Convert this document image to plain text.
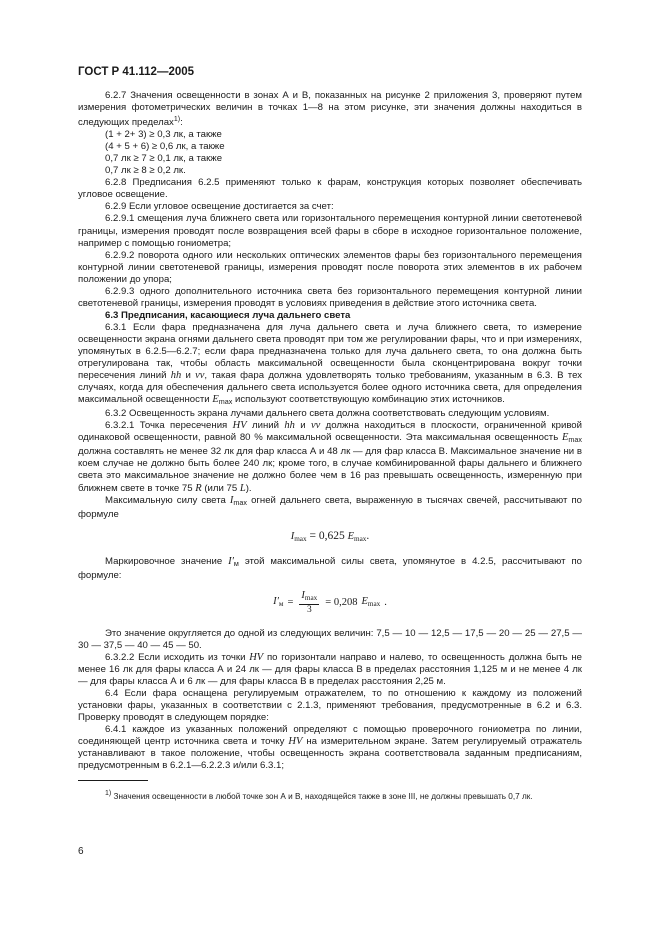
ГОСТ Р 41.112—2005

6.2.7 Значения освещенности в зонах А и В, показанных на рисунке 2 приложения 3, проверяют путем измерения фотометрических величин в точках 1—8 на этом рисунке, эти значения должны находиться в следующих пределах$^{1)}$:

(1 + 2+ 3) ≥ 0,3 лк, а также

(4 + 5 + 6) ≥ 0,6 лк, а также

0,7 лк ≥ 7 ≥ 0,1 лк, а также

0,7 лк ≥ 8 ≥ 0,2 лк.

6.2.8 Предписания 6.2.5 применяют только к фарам, конструкция которых позволяет обеспечивать угловое освещение.

6.2.9 Если угловое освещение достигается за счет:

6.2.9.1 смещения луча ближнего света или горизонтального перемещения контурной линии светотеневой границы, измерения проводят после возвращения всей фары в сборе в исходное горизонтальное положение, например с помощью гониометра;

6.2.9.2 поворота одного или нескольких оптических элементов фары без горизонтального перемещения контурной линии светотеневой границы, измерения проводят после поворота этих элементов в их рабочем положении до упора;

6.2.9.3 одного дополнительного источника света без горизонтального перемещения контурной линии светотеневой границы, измерения проводят в условиях приведения в действие этого источника света.

6.3 Предписания, касающиеся луча дальнего света

6.3.1 Если фара предназначена для луча дальнего света и луча ближнего света, то измерение освещенности экрана огнями дальнего света проводят при том же регулировании фары, что и при измерениях, упомянутых в 6.2.5—6.2.7; если фара предназначена только для луча дальнего света, то она должна быть отрегулирована так, чтобы область максимальной освещенности была сконцентрирована вокруг точки пересечения линий hh и vv, такая фара должна удовлетворять только требованиям, указанным в 6.3. В тех случаях, когда для обеспечения дальнего света используется более одного источника света, для определения максимальной освещенности $E_{max}$ используют соответствующую комбинацию этих источников.

6.3.2 Освещенность экрана лучами дальнего света должна соответствовать следующим условиям.

6.3.2.1 Точка пересечения HV линий hh и vv должна находиться в плоскости, ограниченной кривой одинаковой освещенности, равной 80 % максимальной освещенности. Эта максимальная освещенность $E_{max}$ должна составлять не менее 32 лк для фар класса А и 48 лк — для фар класса В. Максимальное значение ни в коем случае не должно быть более 240 лк; кроме того, в случае комбинированной фары дальнего и ближнего света это максимальное значение не должно более чем в 16 раз превышать освещенность, измеренную при ближнем свете в точке 75 R (или 75 L).

Максимальную силу света $I_{max}$ огней дальнего света, выраженную в тысячах свечей, рассчитывают по формуле

$I_{max} = 0,625$ $E_{max}$.

Маркировочное значение $I'_м$ этой максимальной силы света, упомянутое в 4.2.5, рассчитывают по формуле:

$I'_м = \frac{I_{max}}{3} = 0,208$ $E_{max}$ .

Это значение округляется до одной из следующих величин: 7,5 — 10 — 12,5 — 17,5 — 20 — 25 — 27,5 — 30 — 37,5 — 40 — 45 — 50.

6.3.2.2 Если исходить из точки HV по горизонтали направо и налево, то освещенность должна быть не менее 16 лк для фары класса А и 24 лк — для фары класса В в пределах расстояния 1,125 м и не менее 4 лк — для фары класса А и 6 лк — для фары класса В в пределах расстояния 2,25 м.

6.4 Если фара оснащена регулируемым отражателем, то по отношению к каждому из положений установки фары, указанных в соответствии с 2.1.3, применяют требования, предусмотренные в 6.2 и 6.3. Проверку проводят в следующем порядке:

6.4.1 каждое из указанных положений определяют с помощью проверочного гониометра по линии, соединяющей центр источника света и точку HV на измерительном экране. Затем регулируемый отражатель устанавливают в такое положение, чтобы освещенность экрана соответствовала заданным предписаниям, предусмотренным в 6.2.1—6.2.2.3 и/или 6.3.1;

1) Значения освещенности в любой точке зон А и В, находящейся также в зоне III, не должны превышать 0,7 лк.

6
